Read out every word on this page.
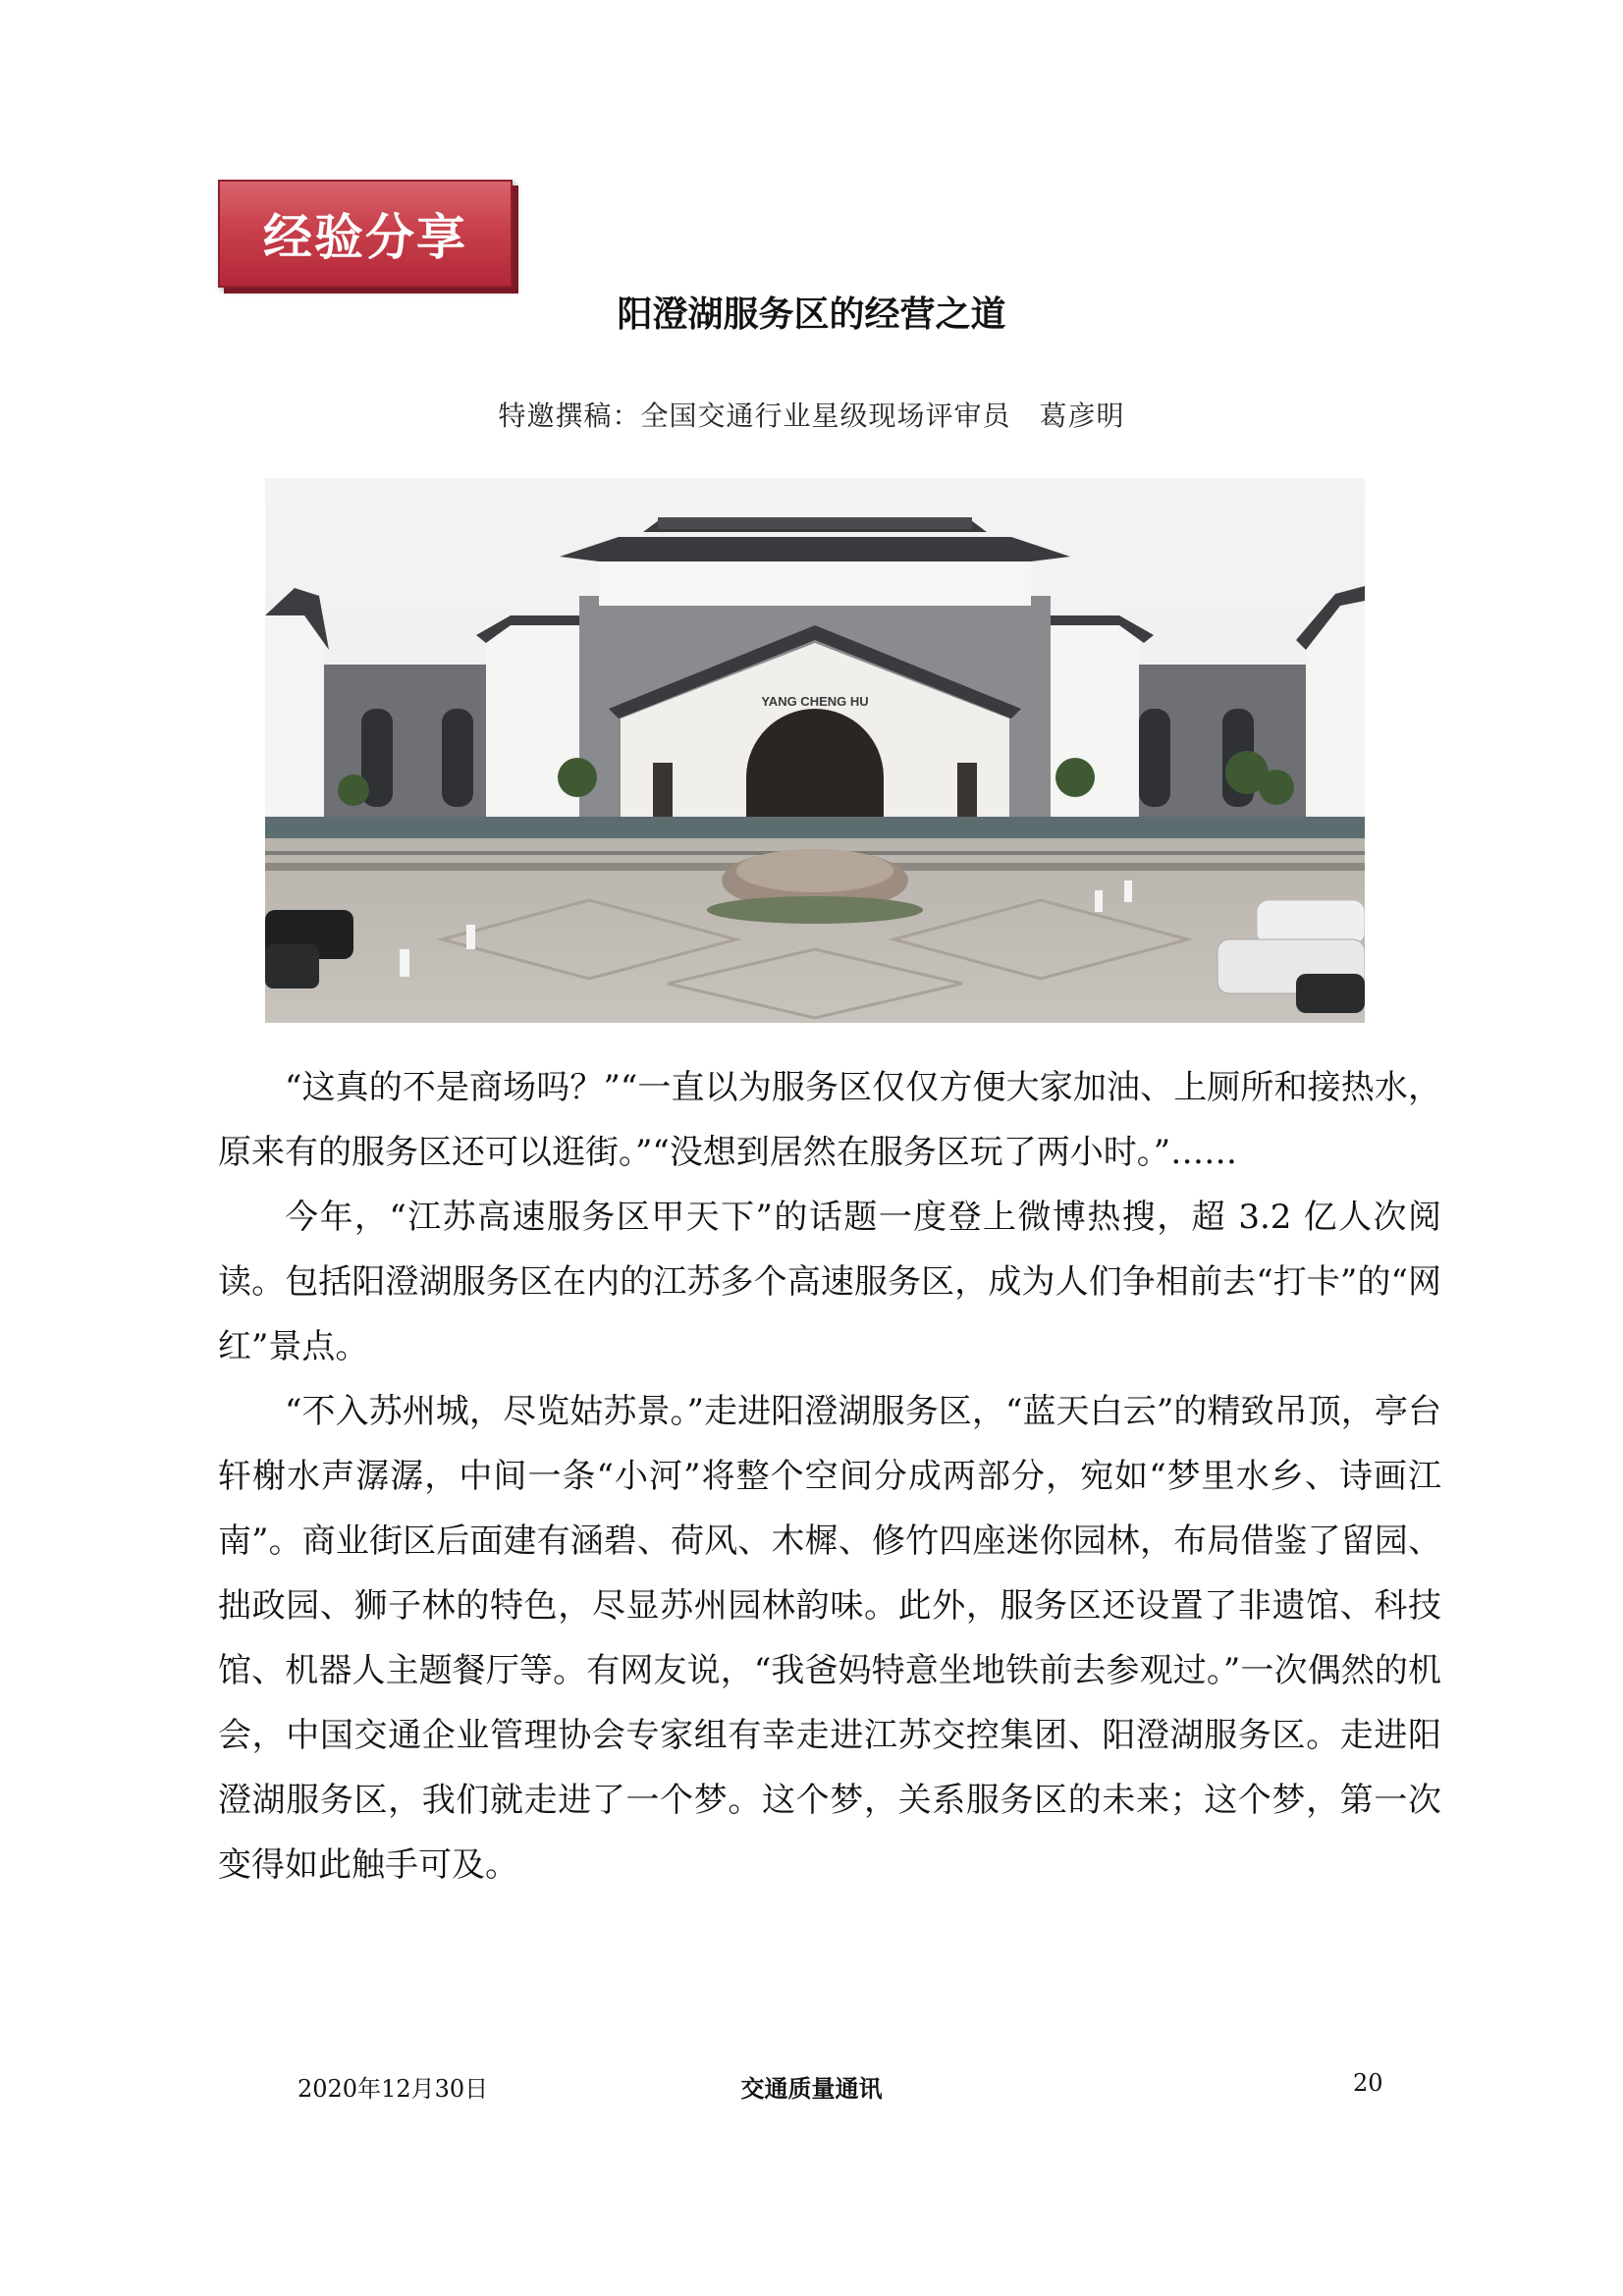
经验分享
阳澄湖服务区的经营之道
特邀撰稿：全国交通行业星级现场评审员　葛彦明
YANG CHENG HU

“这真的不是商场吗？”“一直以为服务区仅仅方便大家加油、上厕所和接热水，原来有的服务区还可以逛街。”“没想到居然在服务区玩了两小时。”……

今年，“江苏高速服务区甲天下”的话题一度登上微博热搜，超 3.2 亿人次阅读。包括阳澄湖服务区在内的江苏多个高速服务区，成为人们争相前去“打卡”的“网红”景点。

“不入苏州城，尽览姑苏景。”走进阳澄湖服务区，“蓝天白云”的精致吊顶，亭台轩榭水声潺潺，中间一条“小河”将整个空间分成两部分，宛如“梦里水乡、诗画江南”。商业街区后面建有涵碧、荷风、木樨、修竹四座迷你园林，布局借鉴了留园、拙政园、狮子林的特色，尽显苏州园林韵味。此外，服务区还设置了非遗馆、科技馆、机器人主题餐厅等。有网友说，“我爸妈特意坐地铁前去参观过。”一次偶然的机会，中国交通企业管理协会专家组有幸走进江苏交控集团、阳澄湖服务区。走进阳澄湖服务区，我们就走进了一个梦。这个梦，关系服务区的未来；这个梦，第一次变得如此触手可及。

2020年12月30日	交通质量通讯	20
